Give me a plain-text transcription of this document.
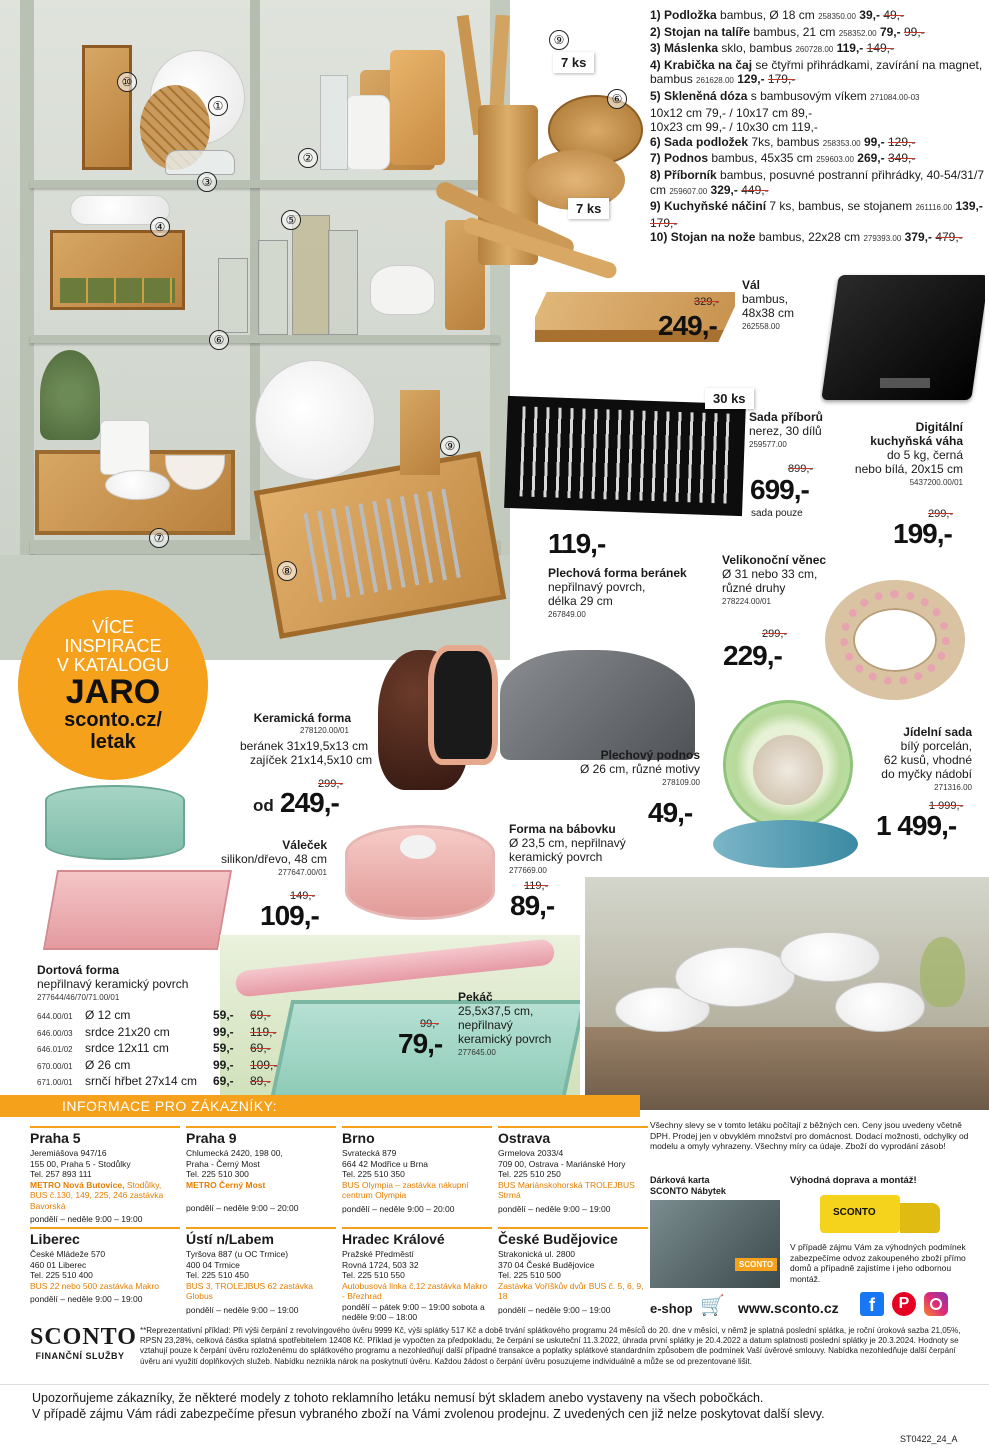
⑩
①
②
③
④	⑤
⑥
⑦
⑧
⑨
⑨
⑥
7 ks
7 ks
1) Podložka bambus, Ø 18 cm 258350.00 39,- 49,-
2) Stojan na talíře bambus, 21 cm 258352.00 79,- 99,-
3) Máslenka sklo, bambus 260728.00 119,- 149,-
4) Krabička na čaj se čtyřmi přihrádkami, zavírání na magnet, bambus 261628.00 129,- 179,-
5) Skleněná dóza s bambusovým víkem 271084.00-03
10x12 cm 79,- / 10x17 cm 89,-
10x23 cm 99,- / 10x30 cm 119,-
6) Sada podložek 7ks, bambus 258353.00 99,- 129,-
7) Podnos bambus, 45x35 cm 259603.00 269,- 349,-
8) Příborník bambus, posuvné postranní přihrádky, 40-54/31/7 cm 259607.00 329,- 449,-
9) Kuchyňské náčiní 7 ks, bambus, se stojanem 261116.00 139,- 179,-
10) Stojan na nože bambus, 22x28 cm 279393.00 379,- 479,-
249,-
329,-
Vál
bambus,
48x38 cm
262558.00
30 ks
Sada příborů
nerez, 30 dílů
259577.00
899,-
699,-
sada pouze
Digitální
kuchyňská váha
do 5 kg, černá
nebo bílá, 20x15 cm
5437200.00/01
299,-
199,-
119,-
Plechová forma beránek
nepřilnavý povrch,
délka 29 cm
267849.00
Velikonoční věnec
Ø 31 nebo 33 cm,
různé druhy
278224.00/01
299,-
229,-
VÍCE
INSPIRACE
V KATALOGU
JARO
sconto.cz/
letak
Keramická forma
278120.00/01
beránek 31x19,5x13 cm
zajíček 21x14,5x10 cm
299,-
od 249,-
Plechový podnos
Ø 26 cm, různé motivy
278109.00
49,-
Jídelní sada
bílý porcelán,
62 kusů, vhodné
do myčky nádobí
271316.00
1 999,-
1 499,-
Váleček
silikon/dřevo, 48 cm
277647.00/01
149,-
109,-
Forma na bábovku
Ø 23,5 cm, nepřilnavý
keramický povrch
277669.00
119,-
89,-
Dortová forma
nepřilnavý keramický povrch
277644/46/70/71.00/01
644.00/01	Ø 12 cm	59,-	69,-
646.00/03	srdce 21x20 cm	99,-	119,-
646.01/02	srdce 12x11 cm	59,-	69,-
670.00/01	Ø 26 cm	99,-	109,-
671.00/01	srnčí hřbet 27x14 cm	69,-	89,-
Pekáč
25,5x37,5 cm,
nepřilnavý
keramický povrch
277645.00
99,-
79,-
INFORMACE PRO ZÁKAZNÍKY:
Praha 5
Jeremiášova 947/16
155 00, Praha 5 - Stodůlky
Tel. 257 893 111
METRO Nová Butovice, Stodůlky, BUS č.130, 149, 225, 246 zastávka Bavorská
pondělí – neděle 9:00 – 19:00
Praha 9
Chlumecká 2420, 198 00,
Praha - Černý Most
Tel. 225 510 300
METRO Černý Most
pondělí – neděle 9:00 – 20:00
Brno
Svratecká 879
664 42 Modřice u Brna
Tel. 225 510 350
BUS Olympia – zastávka nákupní centrum Olympia
pondělí – neděle 9:00 – 20:00
Ostrava
Grmelova 2033/4
709 00, Ostrava - Mariánské Hory
Tel. 225 510 250
BUS Mariánskohorská TROLEJBUS Strmá
pondělí – neděle 9:00 – 19:00
Liberec
České Mládeže 570
460 01 Liberec
Tel. 225 510 400
BUS 22 nebo 500 zastávka Makro
pondělí – neděle 9:00 – 19:00
Ústí n/Labem
Tyršova 887 (u OC Trmice)
400 04 Trmice
Tel. 225 510 450
BUS 3, TROLEJBUS 62 zastávka Globus
pondělí – neděle 9:00 – 19:00
Hradec Králové
Pražské Předměstí
Rovná 1724, 503 32
Tel. 225 510 550
Autobusová linka č.12 zastávka Makro - Březhrad
pondělí – pátek 9:00 – 19:00 sobota a neděle 9:00 – 18:00
České Budějovice
Strakonická ul. 2800
370 04 České Budějovice
Tel. 225 510 500
Zastávka Voříškův dvůr BUS č. 5, 6, 9, 18
pondělí – neděle 9:00 – 19:00
Všechny slevy se v tomto letáku počítají z běžných cen. Ceny jsou uvedeny včetně DPH. Prodej jen v obvyklém množství pro domácnost. Dodací možnosti, odchylky od modelu a omyly vyhrazeny. Všechny míry ca údaje. Zboží do vyprodání zásob!
Dárková karta
SCONTO Nábytek
SCONTO
Výhodná doprava a montáž!
SCONTO
V případě zájmu Vám za výhodných podmínek zabezpečíme odvoz zakoupeného zboží přímo domů a případně zajistíme i jeho odbornou montáž.
e-shop 🛒 www.sconto.cz	f	P
SCONTO
FINANČNÍ SLUŽBY
**Reprezentativní příklad: Při výši čerpání z revolvingového úvěru 9999 Kč, výši splátky 517 Kč a době trvání splátkového programu 24 měsíců do 20. dne v měsíci, v němž je splatná poslední splátka, je roční úroková sazba 21,05%, RPSN 23,28%, celková částka splatná spotřebitelem 12408 Kč. Příklad je vypočten za předpokladu, že čerpání se uskuteční 11.3.2022, úhrada první splátky je 20.4.2022 a datum splatnosti poslední splátky je 20.3.2024. Hodnoty se vztahují pouze k čerpání úvěru rozloženému do splátkového programu a nezohledňují další případné transakce a poplatky splátkové standardním způsobem dle podmínek Vaší úvěrové smlouvy. Nabídka nezohledňuje další čerpání úvěru ani využití doplňkových služeb. Nabídku neznikla nárok na poskytnutí úvěru. Každou žádost o čerpání úvěru posuzujeme individuálně a může se od prezentované lišit.
Upozorňujeme zákazníky, že některé modely z tohoto reklamního letáku nemusí být skladem anebo vystaveny na všech pobočkách.
V případě zájmu Vám rádi zabezpečíme přesun vybraného zboží na Vámi zvolenou prodejnu. Z uvedených cen již nelze poskytovat další slevy.
ST0422_24_A
